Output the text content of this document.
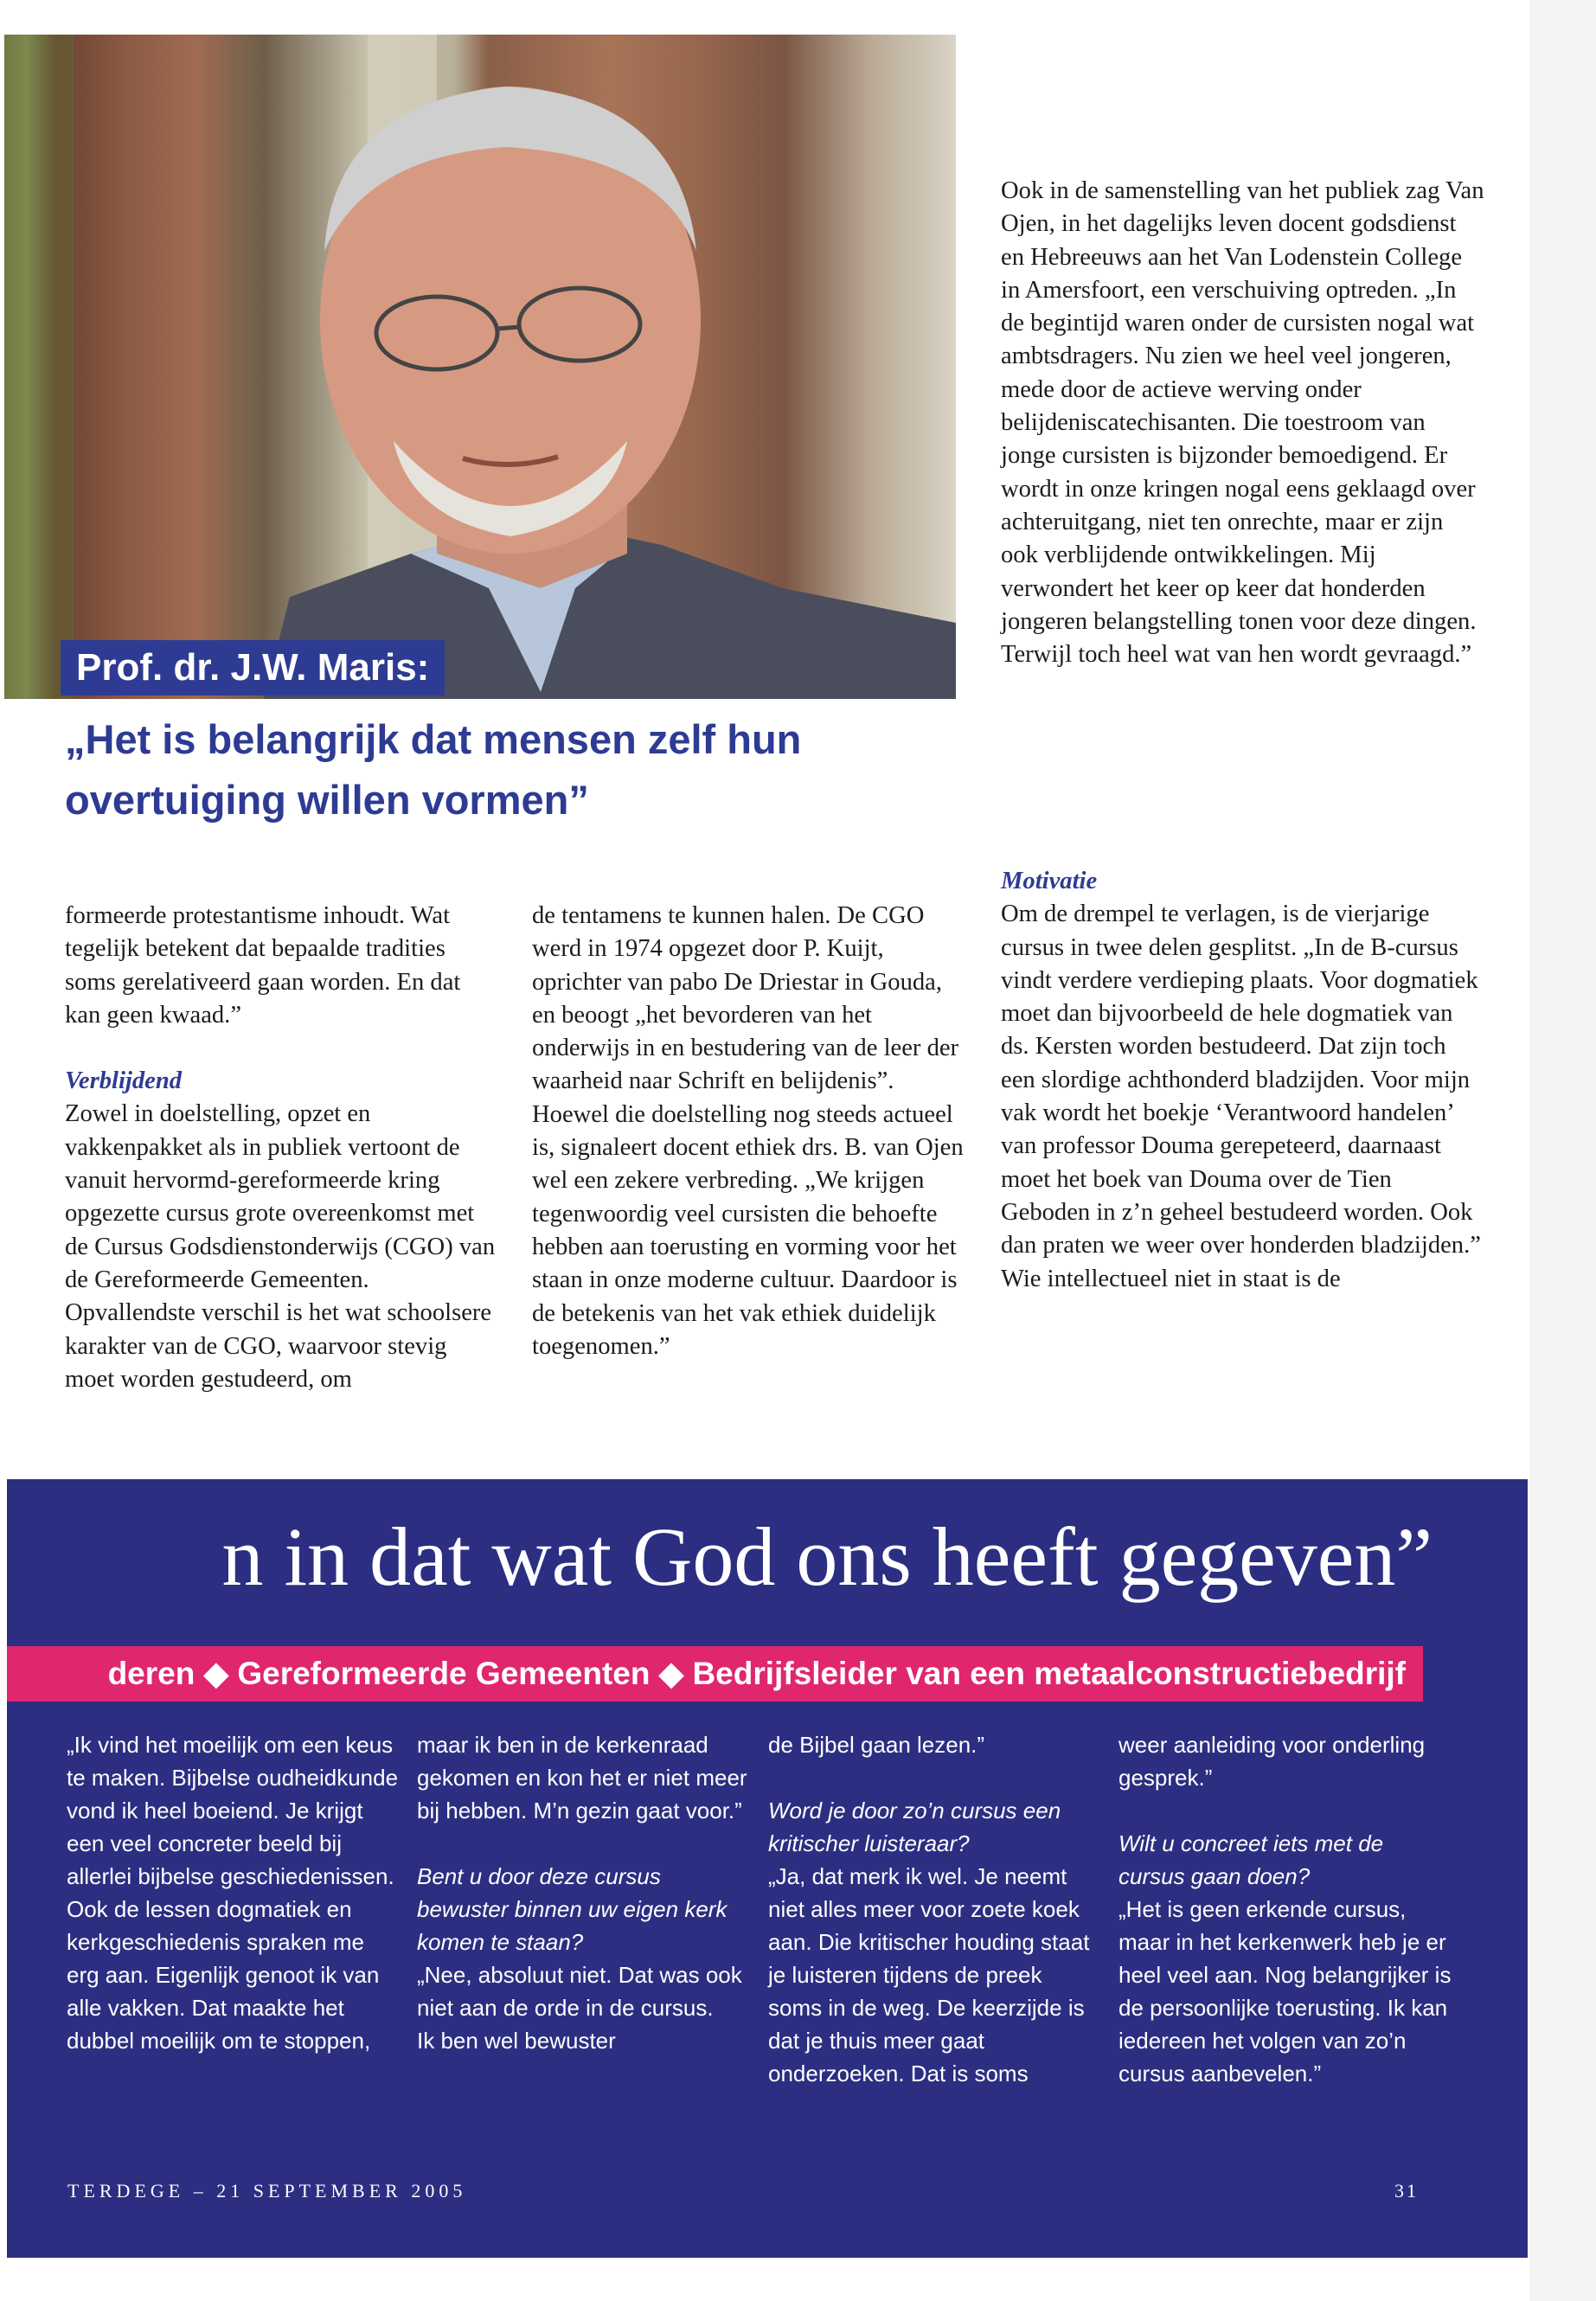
Prof. dr. J.W. Maris:
„Het is belangrijk dat mensen zelf hun overtuiging willen vormen”

Ook in de samenstelling van het publiek zag Van Ojen, in het dagelijks leven docent godsdienst en Hebreeuws aan het Van Lodenstein College in Amersfoort, een verschuiving optreden. „In de begintijd waren onder de cursisten nogal wat ambtsdragers. Nu zien we heel veel jongeren, mede door de actieve werving onder belijdeniscatechisanten. Die toestroom van jonge cursisten is bijzonder bemoedigend. Er wordt in onze kringen nogal eens geklaagd over achteruitgang, niet ten onrechte, maar er zijn ook verblijdende ontwikkelingen. Mij verwondert het keer op keer dat honderden jongeren belangstelling tonen voor deze dingen. Terwijl toch heel wat van hen wordt gevraagd.”

formeerde protestantisme inhoudt. Wat tegelijk betekent dat bepaalde tradities soms gerelativeerd gaan worden. En dat kan geen kwaad.”

Verblijdend

Zowel in doelstelling, opzet en vakkenpakket als in publiek vertoont de vanuit hervormd-gereformeerde kring opgezette cursus grote overeenkomst met de Cursus Godsdienstonderwijs (CGO) van de Gereformeerde Gemeenten. Opvallendste verschil is het wat schoolsere karakter van de CGO, waarvoor stevig moet worden gestudeerd, om

de tentamens te kunnen halen. De CGO werd in 1974 opgezet door P. Kuijt, oprichter van pabo De Driestar in Gouda, en beoogt „het bevorderen van het onderwijs in en bestudering van de leer der waarheid naar Schrift en belijdenis”. Hoewel die doelstelling nog steeds actueel is, signaleert docent ethiek drs. B. van Ojen wel een zekere verbreding. „We krijgen tegenwoordig veel cursisten die behoefte hebben aan toerusting en vorming voor het staan in onze moderne cultuur. Daardoor is de betekenis van het vak ethiek duidelijk toegenomen.”

Motivatie

Om de drempel te verlagen, is de vierjarige cursus in twee delen gesplitst. „In de B-cursus vindt verdere verdieping plaats. Voor dogmatiek moet dan bijvoorbeeld de hele dogmatiek van ds. Kersten worden bestudeerd. Dat zijn toch een slordige achthonderd bladzijden. Voor mijn vak wordt het boekje ‘Verantwoord handelen’ van professor Douma gerepeteerd, daarnaast moet het boek van Douma over de Tien Geboden in z’n geheel bestudeerd worden. Ook dan praten we weer over honderden bladzijden.”

Wie intellectueel niet in staat is de

n in dat wat God ons heeft gegeven”
deren ◆ Gereformeerde Gemeenten ◆ Bedrijfsleider van een metaalconstructiebedrijf

„Ik vind het moeilijk om een keus te maken. Bijbelse oudheidkunde vond ik heel boeiend. Je krijgt een veel concreter beeld bij allerlei bijbelse geschiedenissen. Ook de lessen dogmatiek en kerkgeschiedenis spraken me erg aan. Eigenlijk genoot ik van alle vakken. Dat maakte het dubbel moeilijk om te stoppen,

maar ik ben in de kerkenraad gekomen en kon het er niet meer bij hebben. M’n gezin gaat voor.”

Bent u door deze cursus bewuster binnen uw eigen kerk komen te staan?

„Nee, absoluut niet. Dat was ook niet aan de orde in de cursus.

Ik ben wel bewuster

de Bijbel gaan lezen.”

Word je door zo’n cursus een kritischer luisteraar?

„Ja, dat merk ik wel. Je neemt niet alles meer voor zoete koek aan. Die kritischer houding staat je luisteren tijdens de preek soms in de weg. De keerzijde is dat je thuis meer gaat onderzoeken. Dat is soms

weer aanleiding voor onderling gesprek.”

Wilt u concreet iets met de cursus gaan doen?

„Het is geen erkende cursus, maar in het kerkenwerk heb je er heel veel aan. Nog belangrijker is de persoonlijke toerusting. Ik kan iedereen het volgen van zo’n cursus aanbevelen.”

TERDEGE – 21 SEPTEMBER 2005	31
